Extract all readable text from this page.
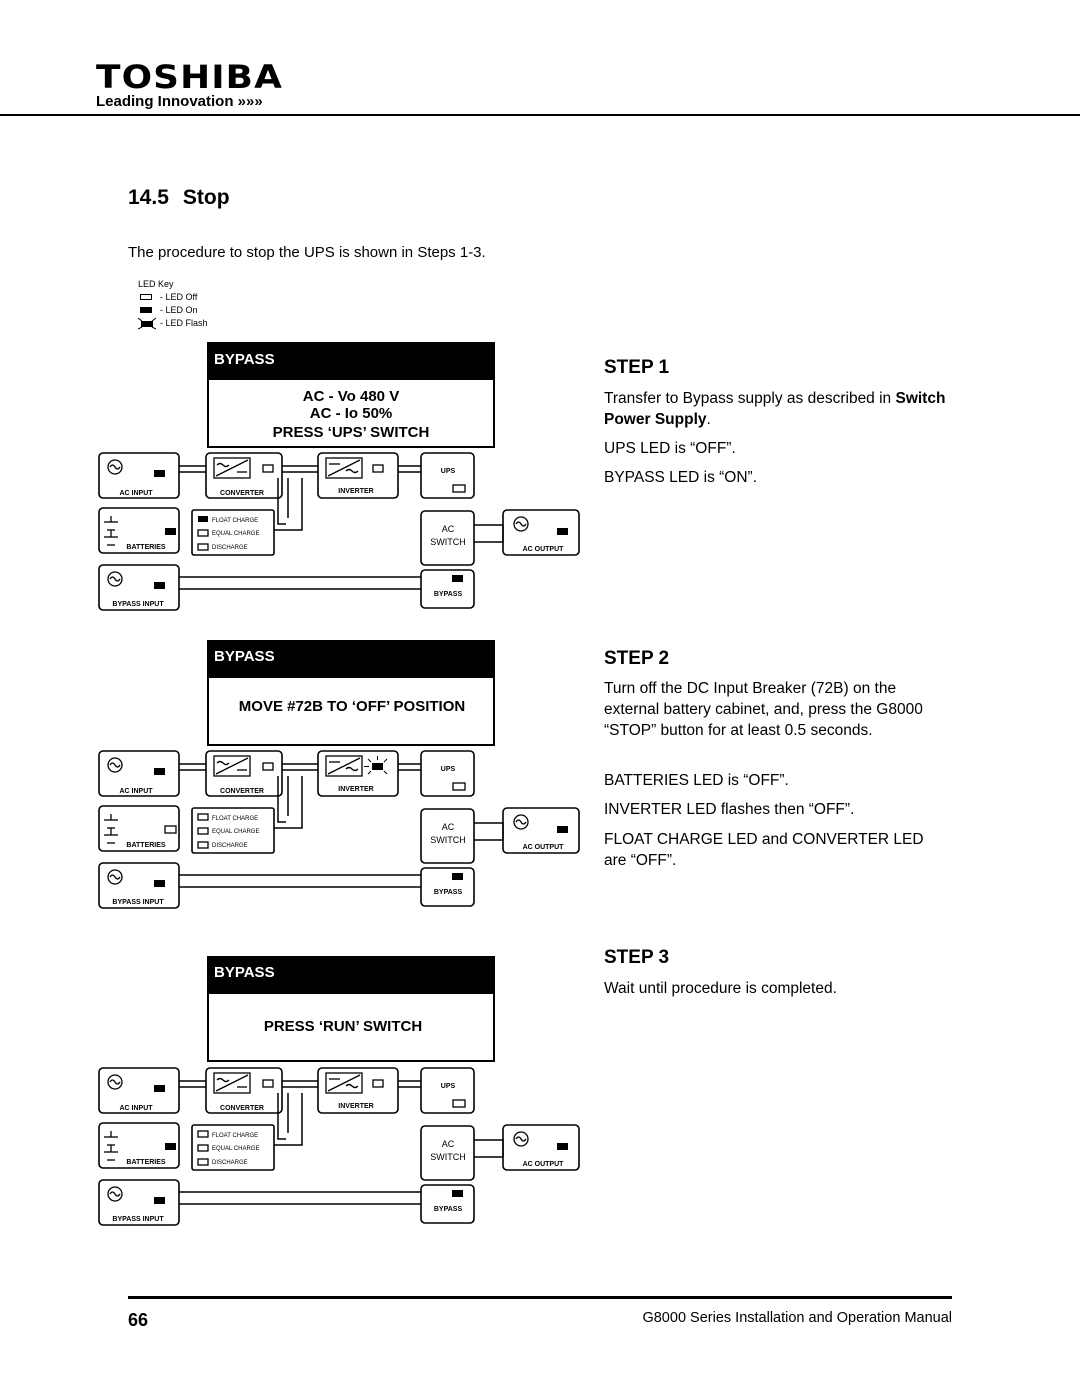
TOSHIBA
Leading Innovation »»»
14.5 Stop
The procedure to stop the UPS is shown in Steps 1-3.
LED Key
- LED Off
- LED On
- LED Flash
BYPASS
AC - Vo 480 V
AC - Io 50%
PRESS ‘UPS’ SWITCH
AC INPUT	CONVERTER	INVERTER
UPS
BATTERIES	AC OUTPUT
BYPASS INPUT
BYPASS
FLOAT CHARGE
EQUAL CHARGE
DISCHARGE
AC
SWITCH
BYPASS
MOVE #72B TO ‘OFF’ POSITION
AC INPUT	CONVERTER	INVERTER
UPS
BATTERIES	AC OUTPUT
BYPASS INPUT
BYPASS
FLOAT CHARGE
EQUAL CHARGE
DISCHARGE
AC
SWITCH
BYPASS
PRESS ‘RUN’ SWITCH
AC INPUT	CONVERTER	INVERTER
UPS
BATTERIES	AC OUTPUT
BYPASS INPUT
BYPASS
FLOAT CHARGE
EQUAL CHARGE
DISCHARGE
AC
SWITCH
STEP 1

Transfer to Bypass supply as described in Switch Power Supply.

UPS LED is “OFF”.

BYPASS LED is “ON”.

STEP 2

Turn off the DC Input Breaker (72B) on the external battery cabinet, and, press the G8000 “STOP” button for at least 0.5 seconds.

BATTERIES LED is “OFF”.

INVERTER LED flashes then “OFF”.

FLOAT CHARGE LED and CONVERTER LED are “OFF”.

STEP 3

Wait until procedure is completed.

66	G8000 Series Installation and Operation Manual
